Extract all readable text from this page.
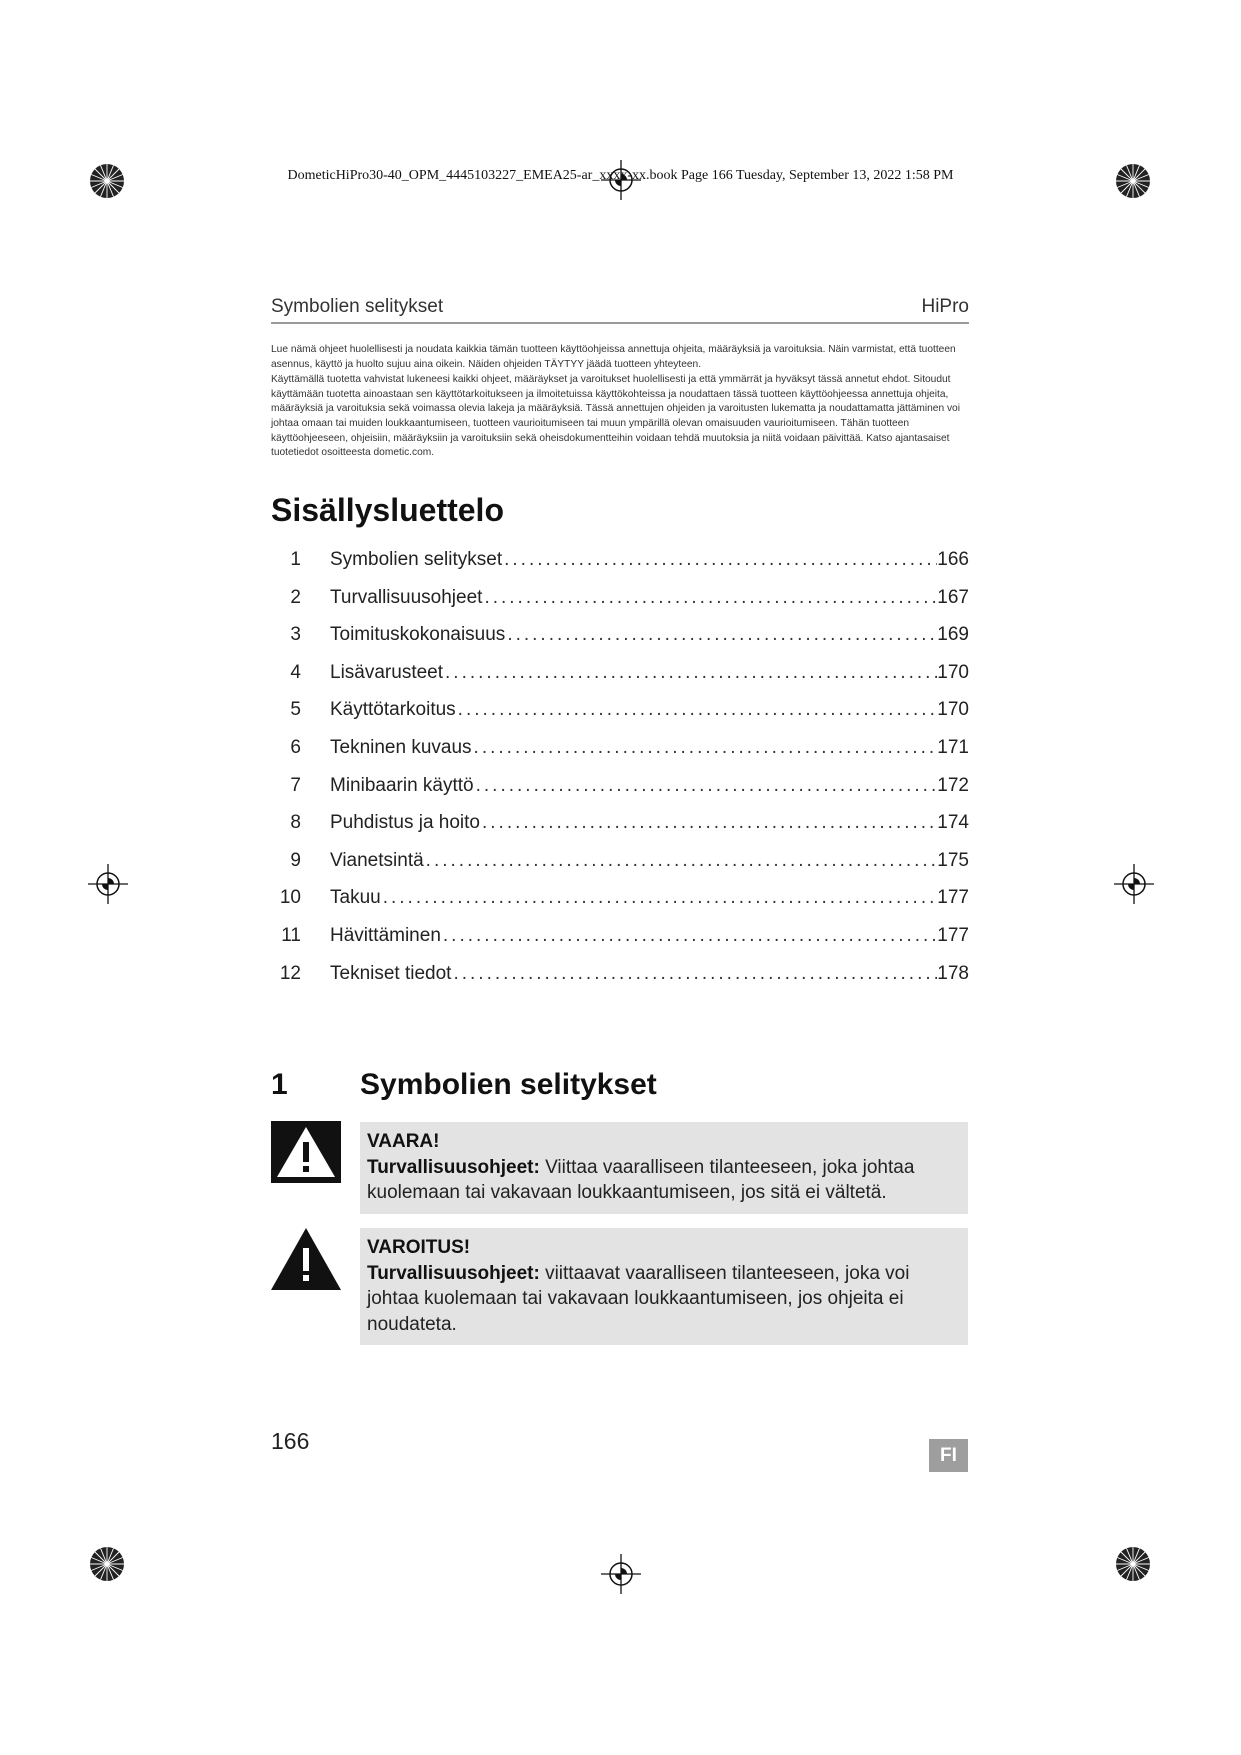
DometicHiPro30-40_OPM_4445103227_EMEA25-ar_xxxx-xx.book Page 166 Tuesday, September 13, 2022 1:58 PM
Symbolien selitykset	HiPro

Lue nämä ohjeet huolellisesti ja noudata kaikkia tämän tuotteen käyttöohjeissa annettuja ohjeita, määräyksiä ja varoituksia. Näin varmistat, että tuotteen asennus, käyttö ja huolto sujuu aina oikein. Näiden ohjeiden TÄYTYY jäädä tuotteen yhteyteen.

Käyttämällä tuotetta vahvistat lukeneesi kaikki ohjeet, määräykset ja varoitukset huolellisesti ja että ymmärrät ja hyväksyt tässä annetut ehdot. Sitoudut käyttämään tuotetta ainoastaan sen käyttötarkoitukseen ja ilmoitetuissa käyttökohteissa ja noudattaen tässä tuotteen käyttöohjeessa annettuja ohjeita, määräyksiä ja varoituksia sekä voimassa olevia lakeja ja määräyksiä. Tässä annettujen ohjeiden ja varoitusten lukematta ja noudattamatta jättäminen voi johtaa omaan tai muiden loukkaantumiseen, tuotteen vaurioitumiseen tai muun ympärillä olevan omaisuuden vaurioitumiseen. Tähän tuotteen käyttöohjeeseen, ohjeisiin, määräyksiin ja varoituksiin sekä oheisdokumentteihin voidaan tehdä muutoksia ja niitä voidaan päivittää. Katso ajantasaiset tuotetiedot osoitteesta dometic.com.

Sisällysluettelo
1 Symbolien selitykset .....	166
2 Turvallisuusohjeet .....	167
3 Toimituskokonaisuus .....	169
4 Lisävarusteet .....	170
5 Käyttötarkoitus .....	170
6 Tekninen kuvaus .....	171
7 Minibaarin käyttö .....	172
8 Puhdistus ja hoito .....	174
9 Vianetsintä .....	175
10 Takuu .....	177
11 Hävittäminen .....	177
12 Tekniset tiedot .....	178
1 Symbolien selitykset
VAARA!
Turvallisuusohjeet: Viittaa vaaralliseen tilanteeseen, joka johtaa kuolemaan tai vakavaan loukkaantumiseen, jos sitä ei vältetä.
VAROITUS!
Turvallisuusohjeet: viittaavat vaaralliseen tilanteeseen, joka voi johtaa kuolemaan tai vakavaan loukkaantumiseen, jos ohjeita ei noudateta.
166
FI
